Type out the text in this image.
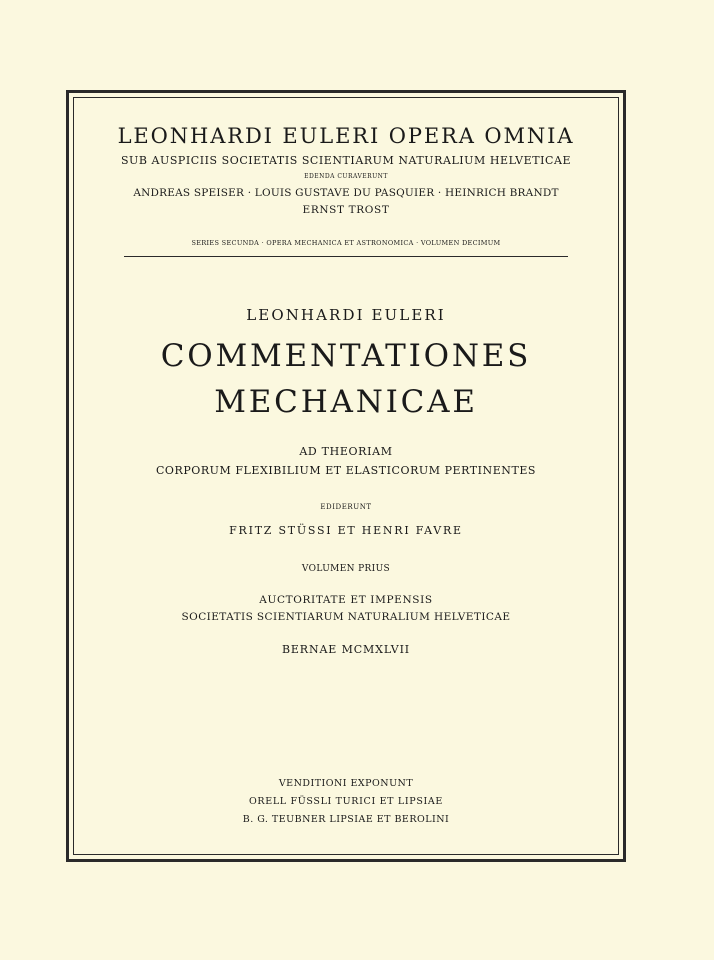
LEONHARDI EULERI OPERA OMNIA
SUB AUSPICIIS SOCIETATIS SCIENTIARUM NATURALIUM HELVETICAE
EDENDA CURAVERUNT
ANDREAS SPEISER · LOUIS GUSTAVE DU PASQUIER · HEINRICH BRANDT
ERNST TROST
SERIES SECUNDA · OPERA MECHANICA ET ASTRONOMICA · VOLUMEN DECIMUM
LEONHARDI EULERI
COMMENTATIONES
MECHANICAE
AD THEORIAM
CORPORUM FLEXIBILIUM ET ELASTICORUM PERTINENTES
EDIDERUNT
FRITZ STÜSSI ET HENRI FAVRE
VOLUMEN PRIUS
AUCTORITATE ET IMPENSIS
SOCIETATIS SCIENTIARUM NATURALIUM HELVETICAE
BERNAE MCMXLVII
VENDITIONI EXPONUNT
ORELL FÜSSLI TURICI ET LIPSIAE
B. G. TEUBNER LIPSIAE ET BEROLINI
